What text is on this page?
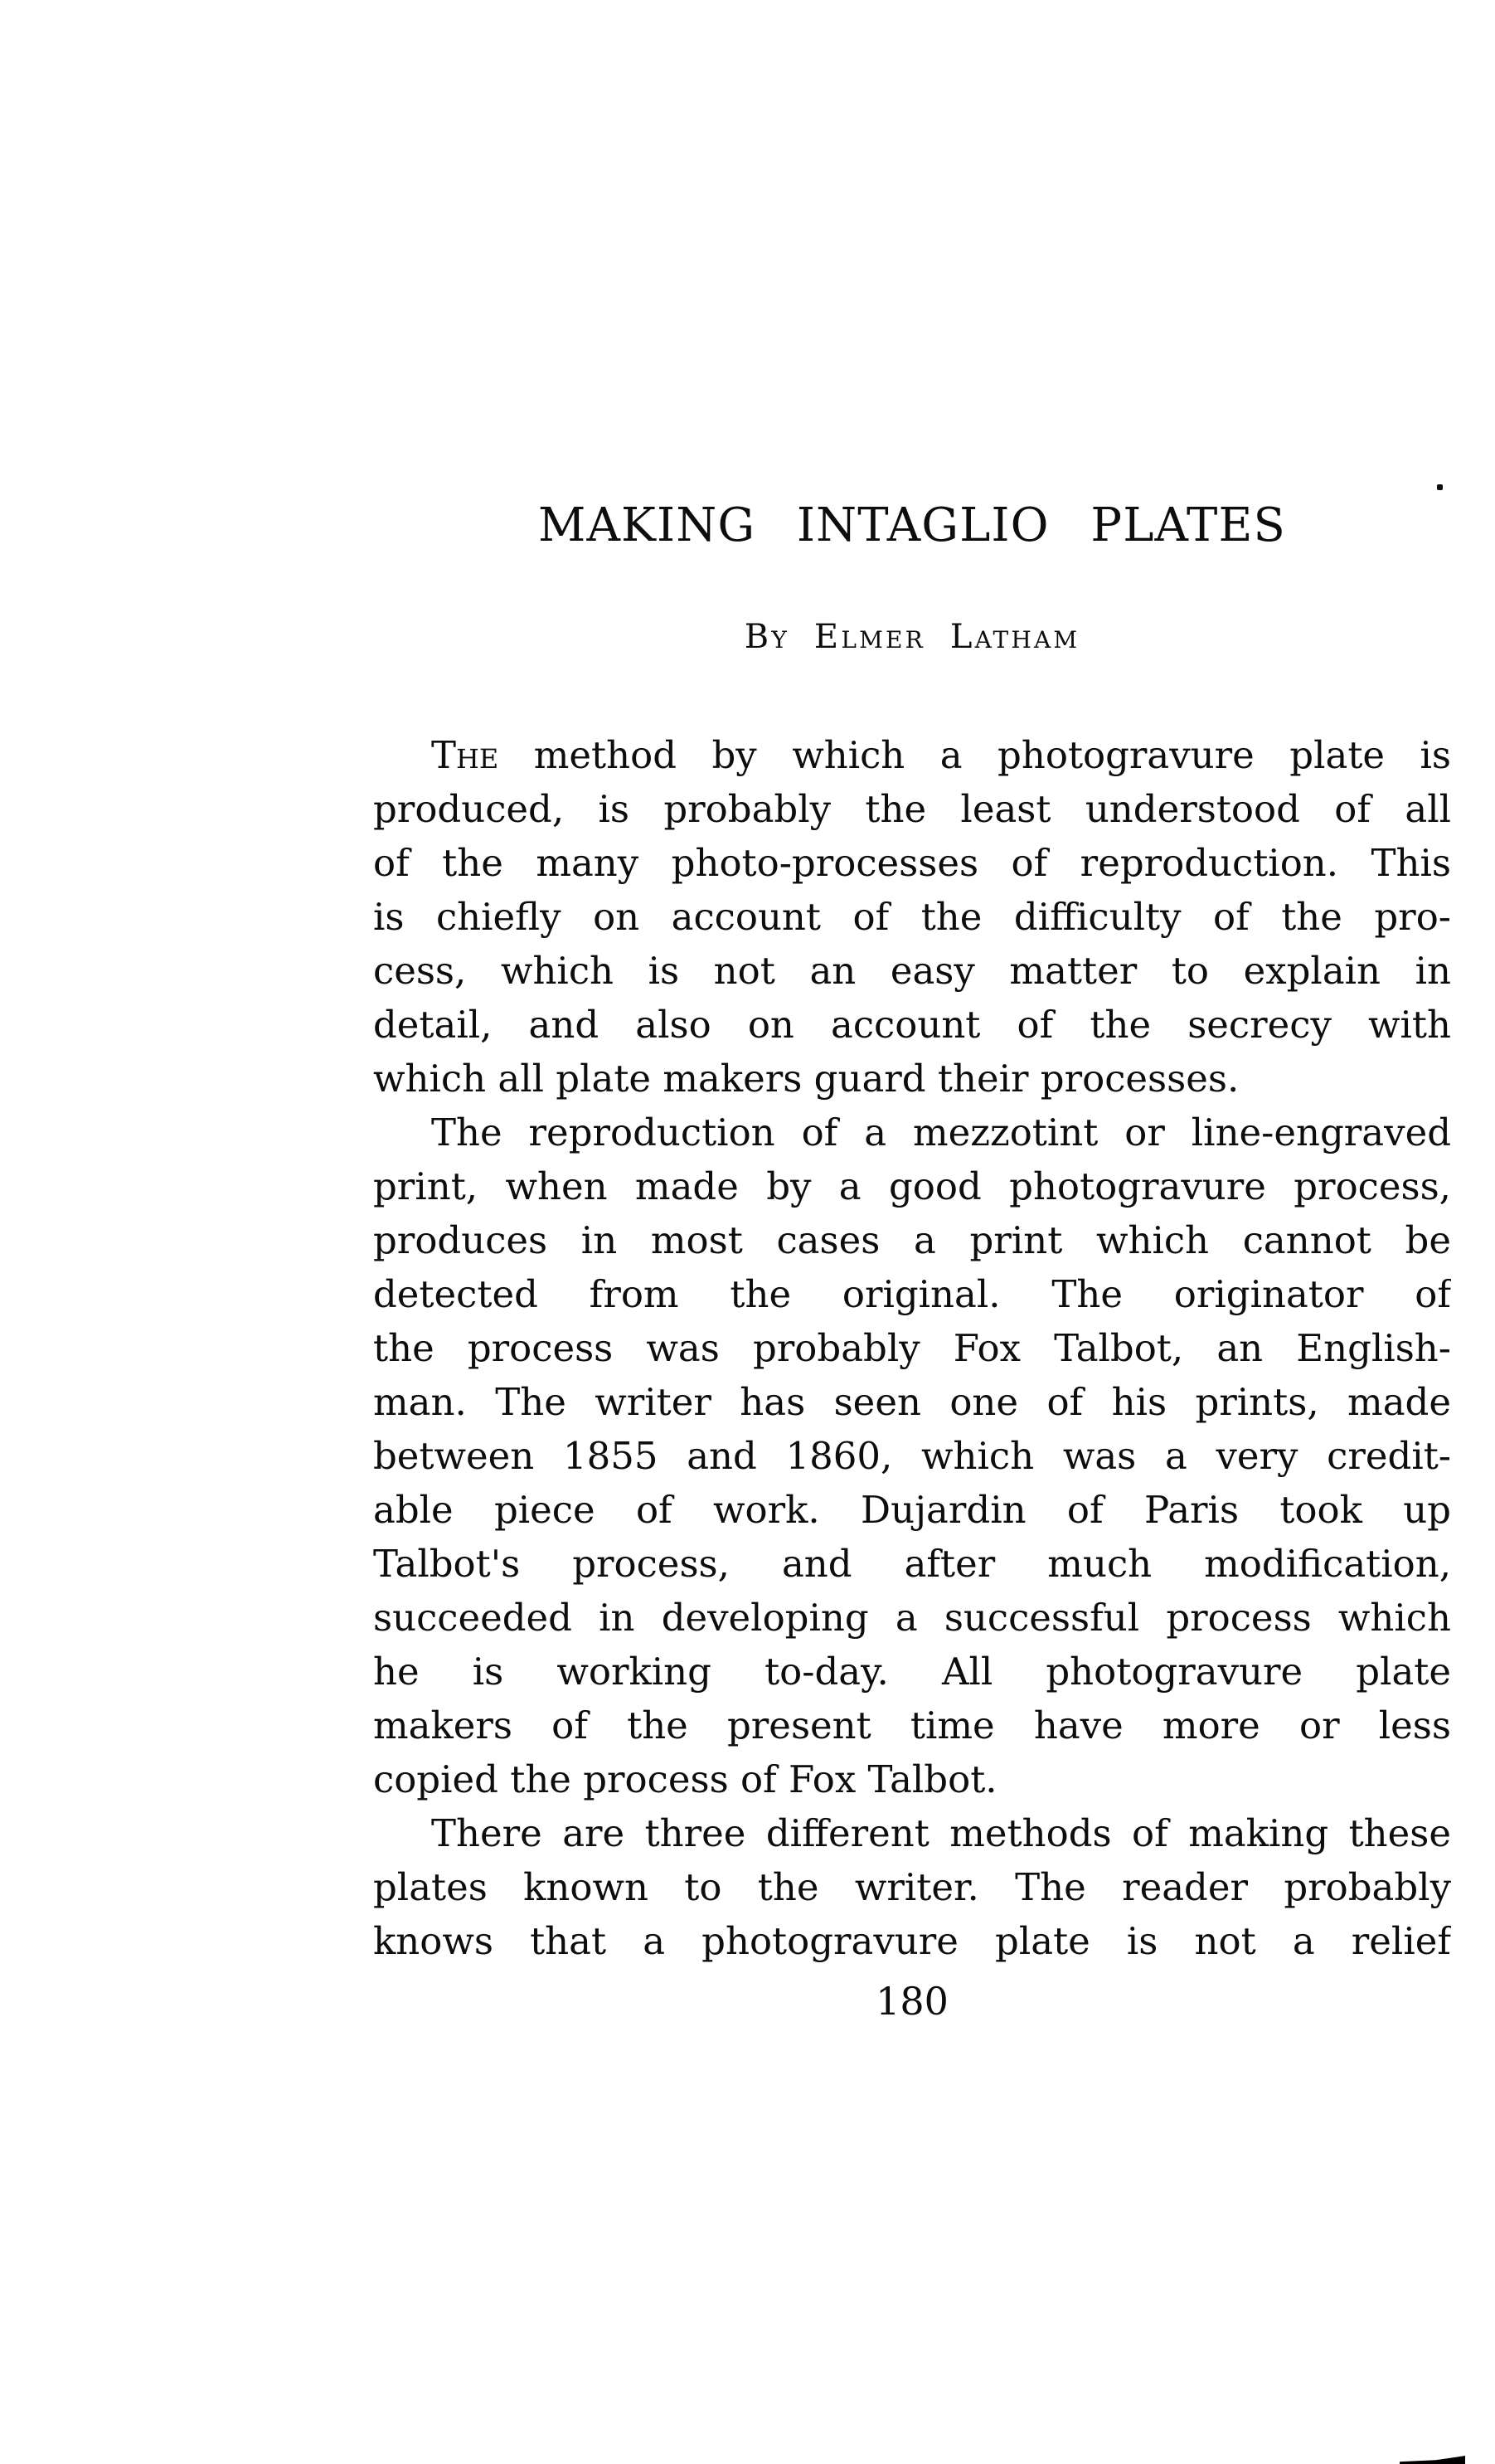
MAKING INTAGLIO PLATES
By Elmer Latham
The method by which a photogravure plate is
produced, is probably the least understood of all
of the many photo-processes of reproduction. This
is chiefly on account of the difficulty of the pro-
cess, which is not an easy matter to explain in
detail, and also on account of the secrecy with
which all plate makers guard their processes.
The reproduction of a mezzotint or line-engraved
print, when made by a good photogravure process,
produces in most cases a print which cannot be
detected from the original. The originator of
the process was probably Fox Talbot, an English-
man. The writer has seen one of his prints, made
between 1855 and 1860, which was a very credit-
able piece of work. Dujardin of Paris took up
Talbot's process, and after much modification,
succeeded in developing a successful process which
he is working to-day. All photogravure plate
makers of the present time have more or less
copied the process of Fox Talbot.
There are three different methods of making these
plates known to the writer. The reader probably
knows that a photogravure plate is not a relief
180
